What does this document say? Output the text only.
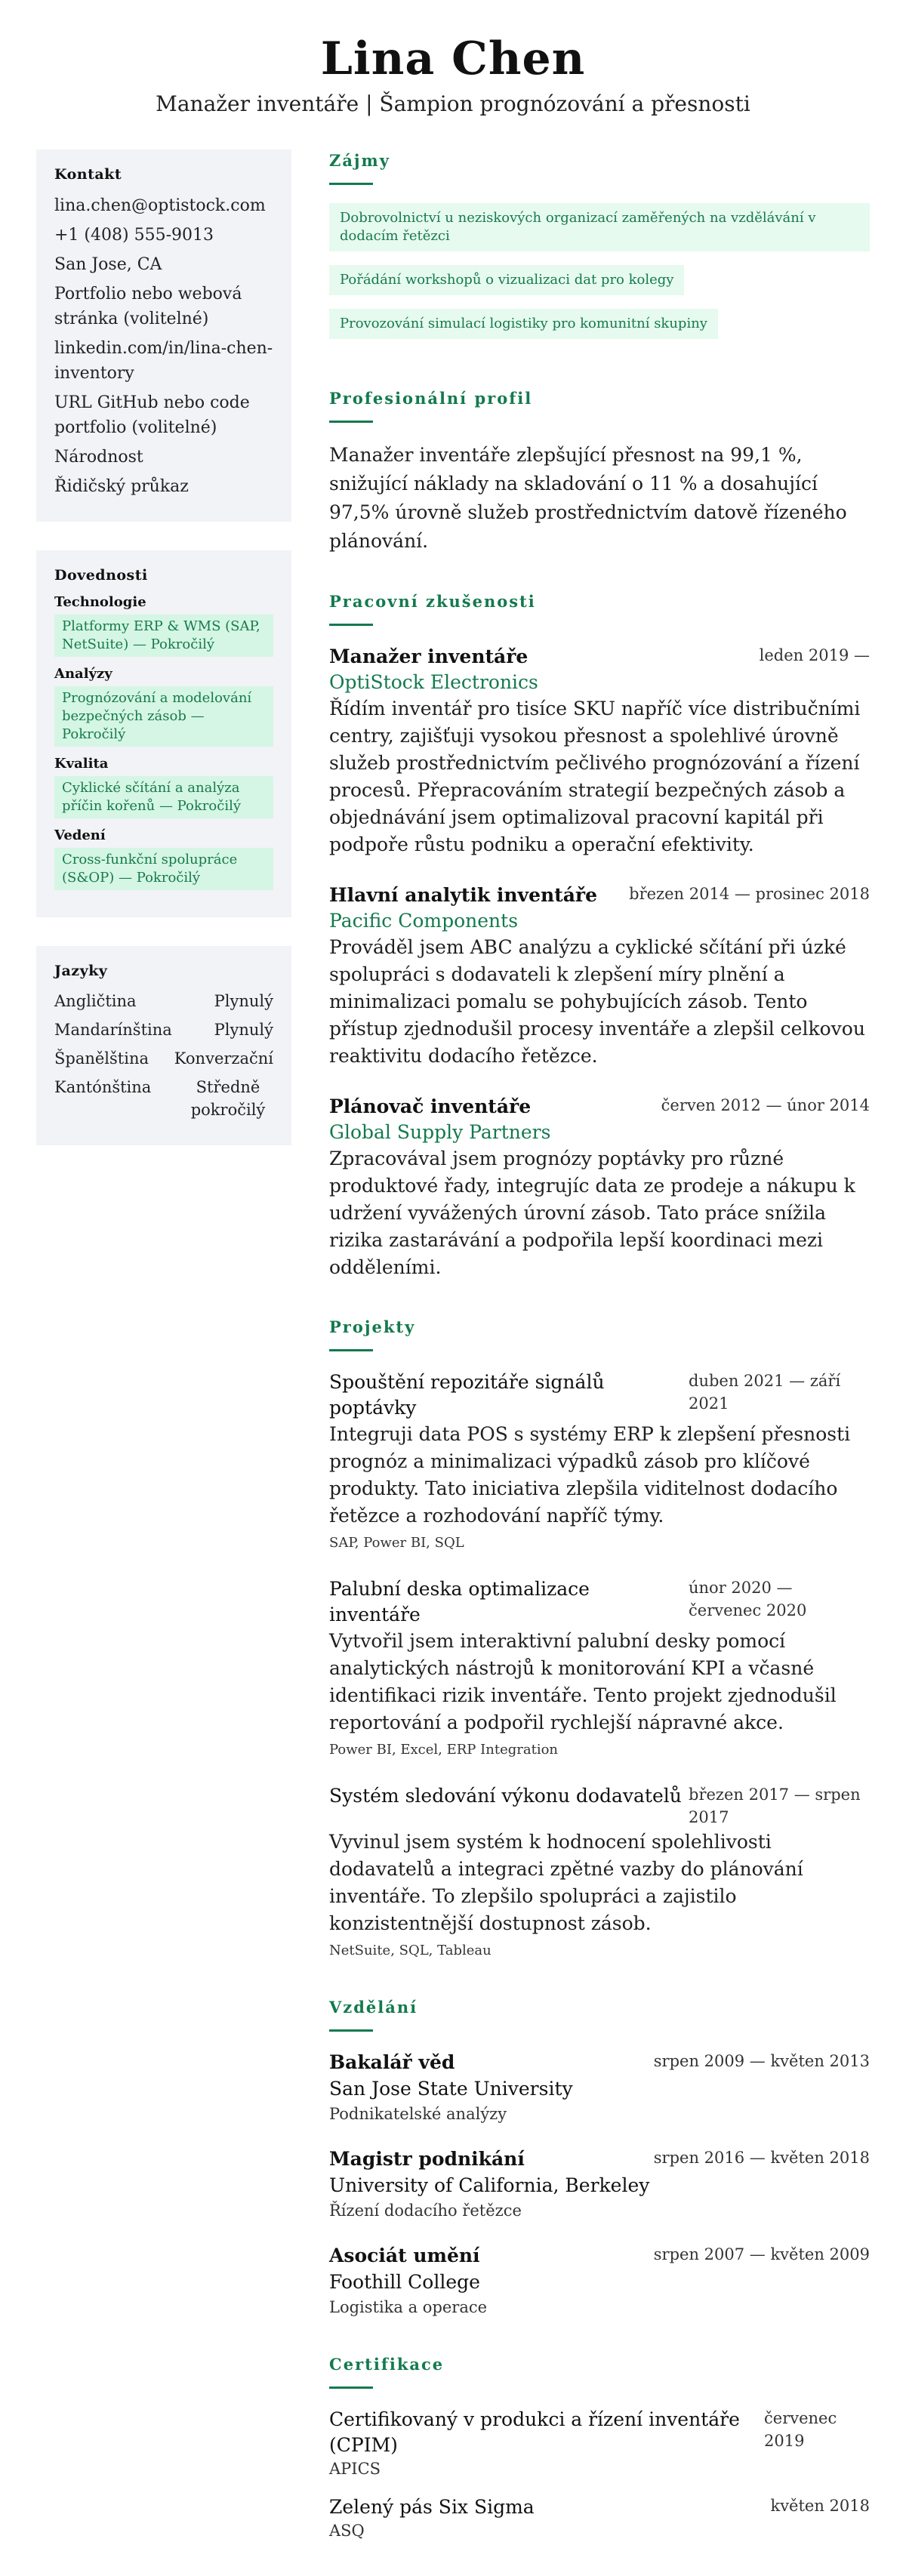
Lina Chen
Manažer inventáře | Šampion prognózování a přesnosti
Kontakt
lina.chen@optistock.com
+1 (408) 555-9013
San Jose, CA
Portfolio nebo webová stránka (volitelné)
linkedin.com/in/lina-chen-inventory
URL GitHub nebo code portfolio (volitelné)
Národnost
Řidičský průkaz
Dovednosti
Technologie
Platformy ERP & WMS (SAP, NetSuite) — Pokročilý
Analýzy
Prognózování a modelování bezpečných zásob — Pokročilý
Kvalita
Cyklické sčítání a analýza příčin kořenů — Pokročilý
Vedení
Cross-funkční spolupráce (S&OP) — Pokročilý
Jazyky
Angličtina	Plynulý
Mandarínština	Plynulý
Španělština Konverzační
Kantónština	Středně pokročilý
Zájmy
Dobrovolnictví u neziskových organizací zaměřených na vzdělávání v dodacím řetězci
Pořádání workshopů o vizualizaci dat pro kolegy
Provozování simulací logistiky pro komunitní skupiny
Profesionální profil
Manažer inventáře zlepšující přesnost na 99,1 %, snižující náklady na skladování o 11 % a dosahující 97,5% úrovně služeb prostřednictvím datově řízeného plánování.
Pracovní zkušenosti
Manažer inventáře	leden 2019 —
OptiStock Electronics
Řídím inventář pro tisíce SKU napříč více distribučními centry, zajišťuji vysokou přesnost a spolehlivé úrovně služeb prostřednictvím pečlivého prognózování a řízení procesů. Přepracováním strategií bezpečných zásob a objednávání jsem optimalizoval pracovní kapitál při podpoře růstu podniku a operační efektivity.
Hlavní analytik inventáře březen 2014 — prosinec 2018
Pacific Components
Prováděl jsem ABC analýzu a cyklické sčítání při úzké spolupráci s dodavateli k zlepšení míry plnění a minimalizaci pomalu se pohybujících zásob. Tento přístup zjednodušil procesy inventáře a zlepšil celkovou reaktivitu dodacího řetězce.
Plánovač inventáře	červen 2012 — únor 2014
Global Supply Partners
Zpracovával jsem prognózy poptávky pro různé produktové řady, integrujíc data ze prodeje a nákupu k udržení vyvážených úrovní zásob. Tato práce snížila rizika zastarávání a podpořila lepší koordinaci mezi odděleními.
Projekty
Spouštění repozitáře signálů poptávky
duben 2021 — září 2021
Integruji data POS s systémy ERP k zlepšení přesnosti prognóz a minimalizaci výpadků zásob pro klíčové produkty. Tato iniciativa zlepšila viditelnost dodacího řetězce a rozhodování napříč týmy.
SAP, Power BI, SQL
Palubní deska optimalizace inventáře
únor 2020 — červenec 2020
Vytvořil jsem interaktivní palubní desky pomocí analytických nástrojů k monitorování KPI a včasné identifikaci rizik inventáře. Tento projekt zjednodušil reportování a podpořil rychlejší nápravné akce.
Power BI, Excel, ERP Integration
Systém sledování výkonu dodavatelů březen 2017 — srpen 2017
Vyvinul jsem systém k hodnocení spolehlivosti dodavatelů a integraci zpětné vazby do plánování inventáře. To zlepšilo spolupráci a zajistilo konzistentnější dostupnost zásob.
NetSuite, SQL, Tableau
Vzdělání
Bakalář věd	srpen 2009 — květen 2013
San Jose State University
Podnikatelské analýzy
Magistr podnikání	srpen 2016 — květen 2018
University of California, Berkeley
Řízení dodacího řetězce
Asociát umění	srpen 2007 — květen 2009
Foothill College
Logistika a operace
Certifikace
Certifikovaný v produkci a řízení inventáře (CPIM)
červenec 2019
APICS
Zelený pás Six Sigma	květen 2018
ASQ
